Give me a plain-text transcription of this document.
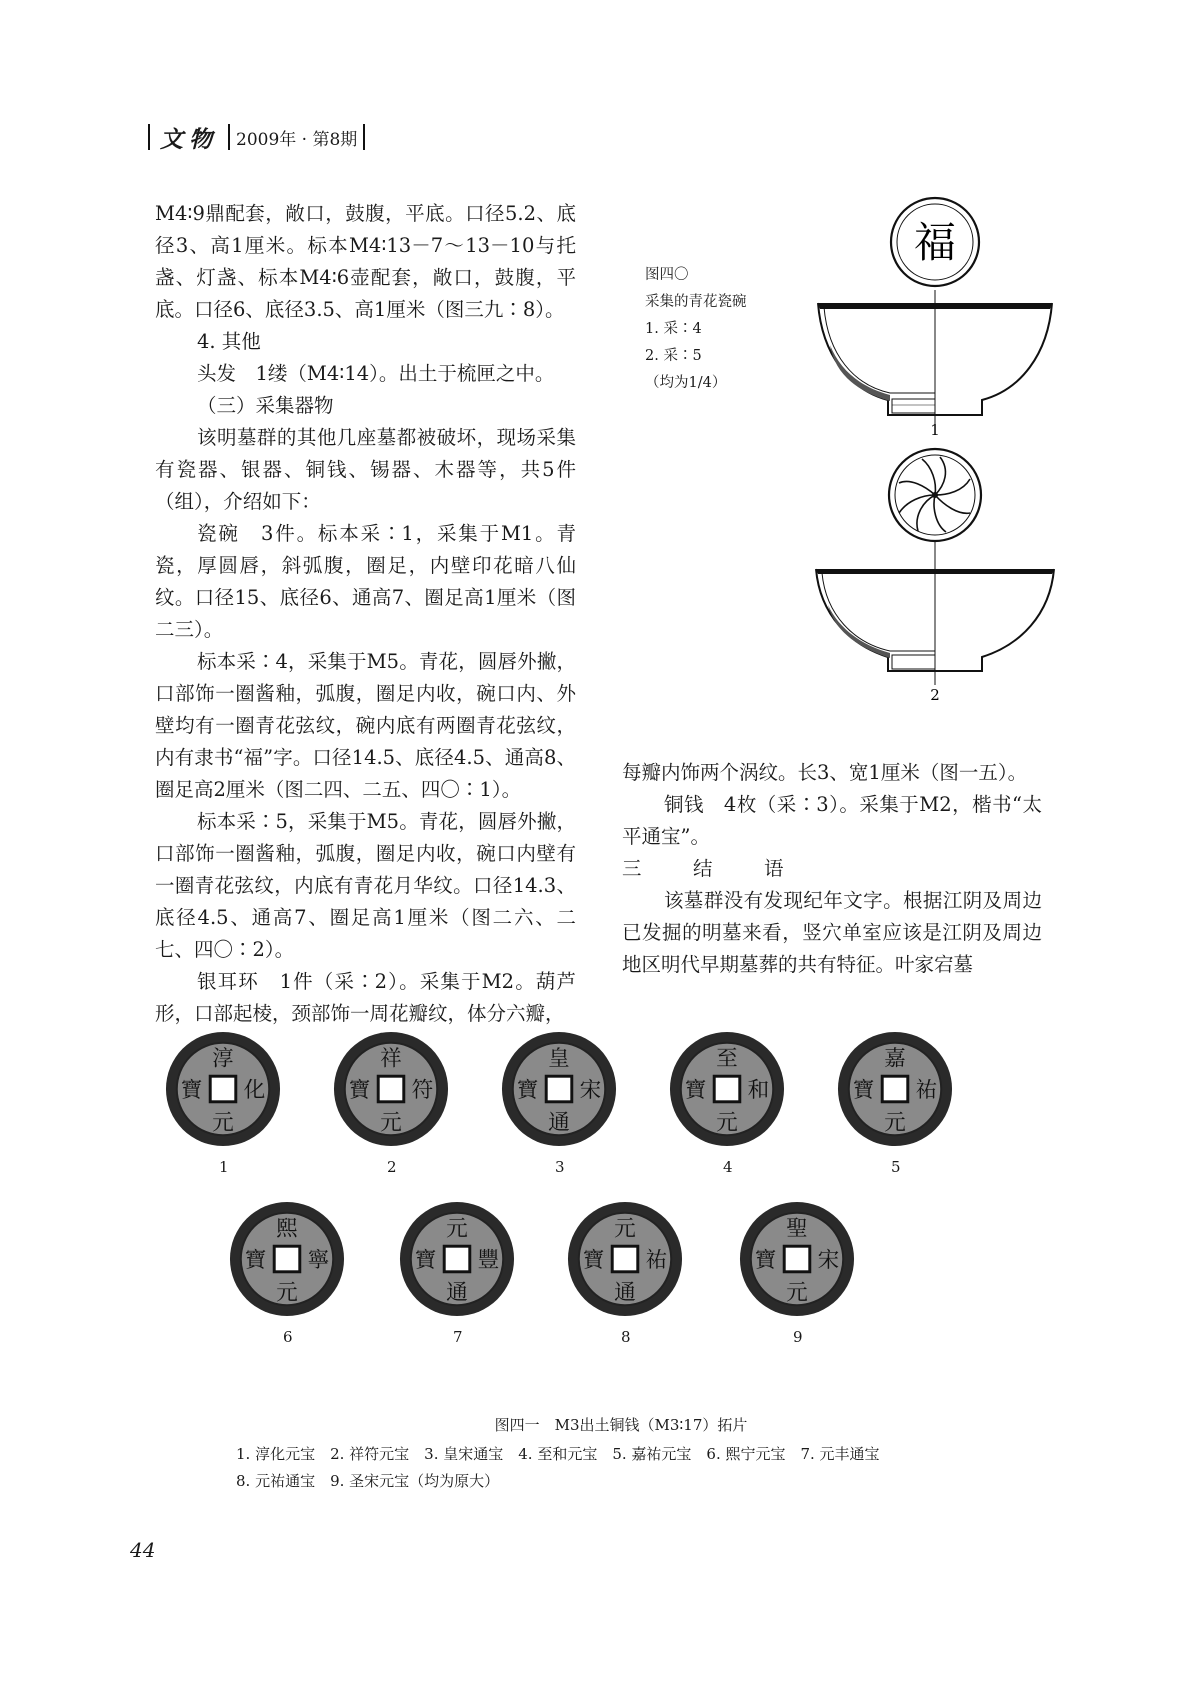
文物	2009年 · 第8期

M4∶9鼎配套，敞口，鼓腹，平底。口径5.2、底径3、高1厘米。标本M4∶13－7～13－10与托盏、灯盏、标本M4∶6壶配套，敞口，鼓腹，平底。口径6、底径3.5、高1厘米（图三九∶8）。

4. 其他

头发　1缕（M4∶14）。出土于梳匣之中。

（三）采集器物

该明墓群的其他几座墓都被破坏，现场采集有瓷器、银器、铜钱、锡器、木器等，共5件（组），介绍如下：

瓷碗　3件。标本采∶1，采集于M1。青瓷，厚圆唇，斜弧腹，圈足，内壁印花暗八仙纹。口径15、底径6、通高7、圈足高1厘米（图二三）。

标本采∶4，采集于M5。青花，圆唇外撇，口部饰一圈酱釉，弧腹，圈足内收，碗口内、外壁均有一圈青花弦纹，碗内底有两圈青花弦纹，内有隶书“福”字。口径14.5、底径4.5、通高8、圈足高2厘米（图二四、二五、四〇∶1）。

标本采∶5，采集于M5。青花，圆唇外撇，口部饰一圈酱釉，弧腹，圈足内收，碗口内壁有一圈青花弦纹，内底有青花月华纹。口径14.3、底径4.5、通高7、圈足高1厘米（图二六、二七、四〇∶2）。

银耳环　1件（采∶2）。采集于M2。葫芦形，口部起棱，颈部饰一周花瓣纹，体分六瓣，

图四〇
采集的青花瓷碗
1. 采∶4
2. 采∶5
（均为1/4）
福
1
2

每瓣内饰两个涡纹。长3、宽1厘米（图一五）。

铜钱　4枚（采∶3）。采集于M2，楷书“太平通宝”。

三　结　语

该墓群没有发现纪年文字。根据江阴及周边已发掘的明墓来看，竖穴单室应该是江阴及周边地区明代早期墓葬的共有特征。叶家宕墓

淳
化
元
寶
1
祥
符
元
寶
2
皇
宋
通
寶
3
至
和
元
寶
4
嘉
祐
元
寶
5
熙
寧
元
寶
6
元
豐
通
寶
7
元
祐
通
寶
8
聖
宋
元
寶
9
图四一　M3出土铜钱（M3∶17）拓片
1. 淳化元宝　2. 祥符元宝　3. 皇宋通宝　4. 至和元宝　5. 嘉祐元宝　6. 熙宁元宝　7. 元丰通宝
8. 元祐通宝　9. 圣宋元宝（均为原大）
44
